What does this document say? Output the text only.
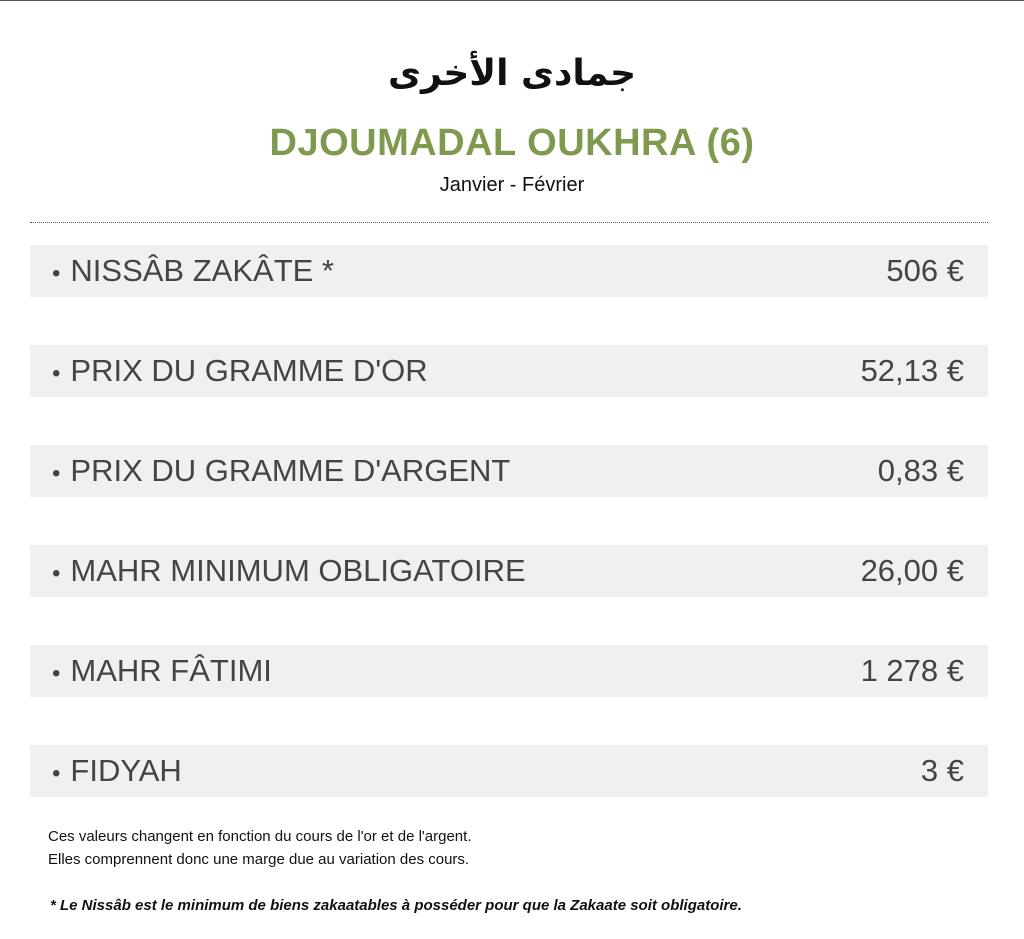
جمادى الأخرى
DJOUMADAL OUKHRA (6)
Janvier - Février
• NISSÂB ZAKÂTE *	506 €
• PRIX DU GRAMME D'OR	52,13 €
• PRIX DU GRAMME D'ARGENT	0,83 €
• MAHR MINIMUM OBLIGATOIRE	26,00 €
• MAHR FÂTIMI	1 278 €
• FIDYAH	3 €
Ces valeurs changent en fonction du cours de l'or et de l'argent.
Elles comprennent donc une marge due au variation des cours.
* Le Nissâb est le minimum de biens zakaatables à posséder pour que la Zakaate soit obligatoire.
